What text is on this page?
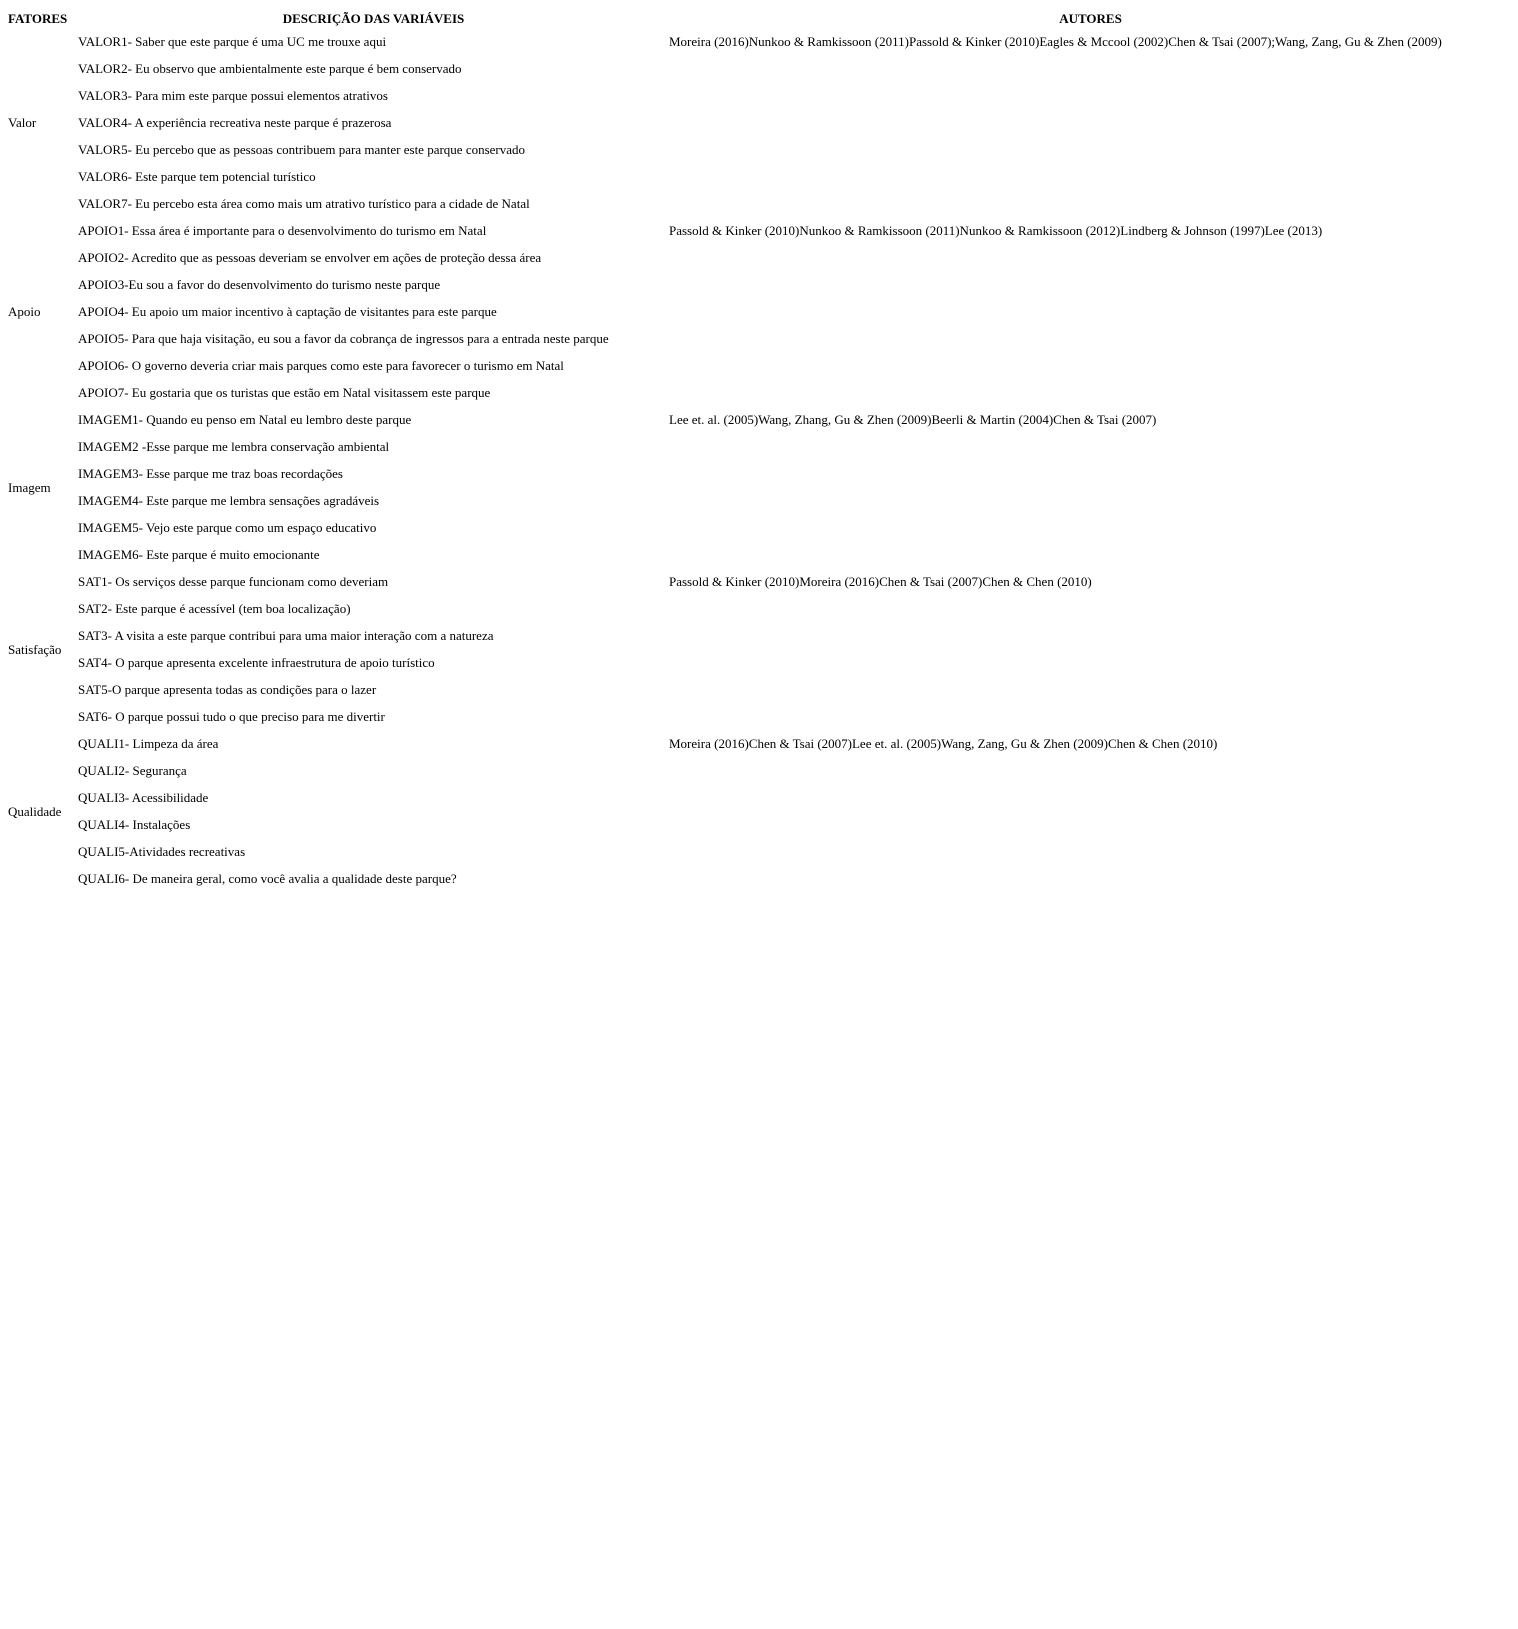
FATORES	DESCRIÇÃO DAS VARIÁVEIS	AUTORES
Valor	VALOR1- Saber que este parque é uma UC me trouxe aqui	Moreira (2016)Nunkoo & Ramkissoon (2011)Passold & Kinker (2010)Eagles & Mccool (2002)Chen & Tsai (2007);Wang, Zang, Gu & Zhen (2009)
	VALOR2- Eu observo que ambientalmente este parque é bem conservado	
	VALOR3- Para mim este parque possui elementos atrativos	
	VALOR4- A experiência recreativa neste parque é prazerosa	
	VALOR5- Eu percebo que as pessoas contribuem para manter este parque conservado	
	VALOR6- Este parque tem potencial turístico	
	VALOR7- Eu percebo esta área como mais um atrativo turístico para a cidade de Natal	
Apoio	APOIO1- Essa área é importante para o desenvolvimento do turismo em Natal	Passold & Kinker (2010)Nunkoo & Ramkissoon (2011)Nunkoo & Ramkissoon (2012)Lindberg & Johnson (1997)Lee (2013)
	APOIO2- Acredito que as pessoas deveriam se envolver em ações de proteção dessa área	
	APOIO3-Eu sou a favor do desenvolvimento do turismo neste parque	
	APOIO4- Eu apoio um maior incentivo à captação de visitantes para este parque	
	APOIO5- Para que haja visitação, eu sou a favor da cobrança de ingressos para a entrada neste parque	
	APOIO6- O governo deveria criar mais parques como este para favorecer o turismo em Natal	
	APOIO7- Eu gostaria que os turistas que estão em Natal visitassem este parque	
Imagem	IMAGEM1- Quando eu penso em Natal eu lembro deste parque	Lee et. al. (2005)Wang, Zhang, Gu & Zhen (2009)Beerli & Martin (2004)Chen & Tsai (2007)
	IMAGEM2 -Esse parque me lembra conservação ambiental	
	IMAGEM3- Esse parque me traz boas recordações	
	IMAGEM4- Este parque me lembra sensações agradáveis	
	IMAGEM5- Vejo este parque como um espaço educativo	
	IMAGEM6- Este parque é muito emocionante	
Satisfação	SAT1- Os serviços desse parque funcionam como deveriam	Passold & Kinker (2010)Moreira (2016)Chen & Tsai (2007)Chen & Chen (2010)
	SAT2- Este parque é acessível (tem boa localização)	
	SAT3- A visita a este parque contribui para uma maior interação com a natureza	
	SAT4- O parque apresenta excelente infraestrutura de apoio turístico	
	SAT5-O parque apresenta todas as condições para o lazer	
	SAT6- O parque possui tudo o que preciso para me divertir	
Qualidade	QUALI1- Limpeza da área	Moreira (2016)Chen & Tsai (2007)Lee et. al. (2005)Wang, Zang, Gu & Zhen (2009)Chen & Chen (2010)
	QUALI2- Segurança	
	QUALI3- Acessibilidade	
	QUALI4- Instalações	
	QUALI5-Atividades recreativas	
	QUALI6- De maneira geral, como você avalia a qualidade deste parque?	
